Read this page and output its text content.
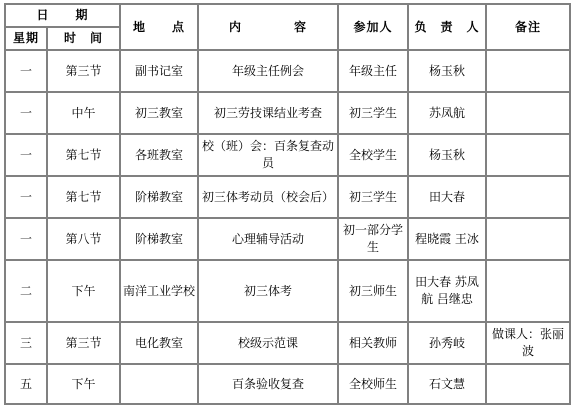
日　　期		地　　点	内　　　　容	参加人	负　责　人	备注
星期	时　间					
一	第三节	副书记室	年级主任例会	年级主任	杨玉秋	
一	中午	初三教室	初三劳技课结业考查	初三学生	苏凤航	
一	第七节	各班教室	校（班）会：百条复查动员	全校学生	杨玉秋	
一	第七节	阶梯教室	初三体考动员（校会后）	初三学生	田大春	
一	第八节	阶梯教室	心理辅导活动	初一部分学生	程晓霞 王冰	
二	下午	南洋工业学校	初三体考	初三师生	田大春 苏凤航 吕继忠	
三	第三节	电化教室	校级示范课	相关教师	孙秀岐	做课人：张丽波
五	下午		百条验收复查	全校师生	石文慧	
